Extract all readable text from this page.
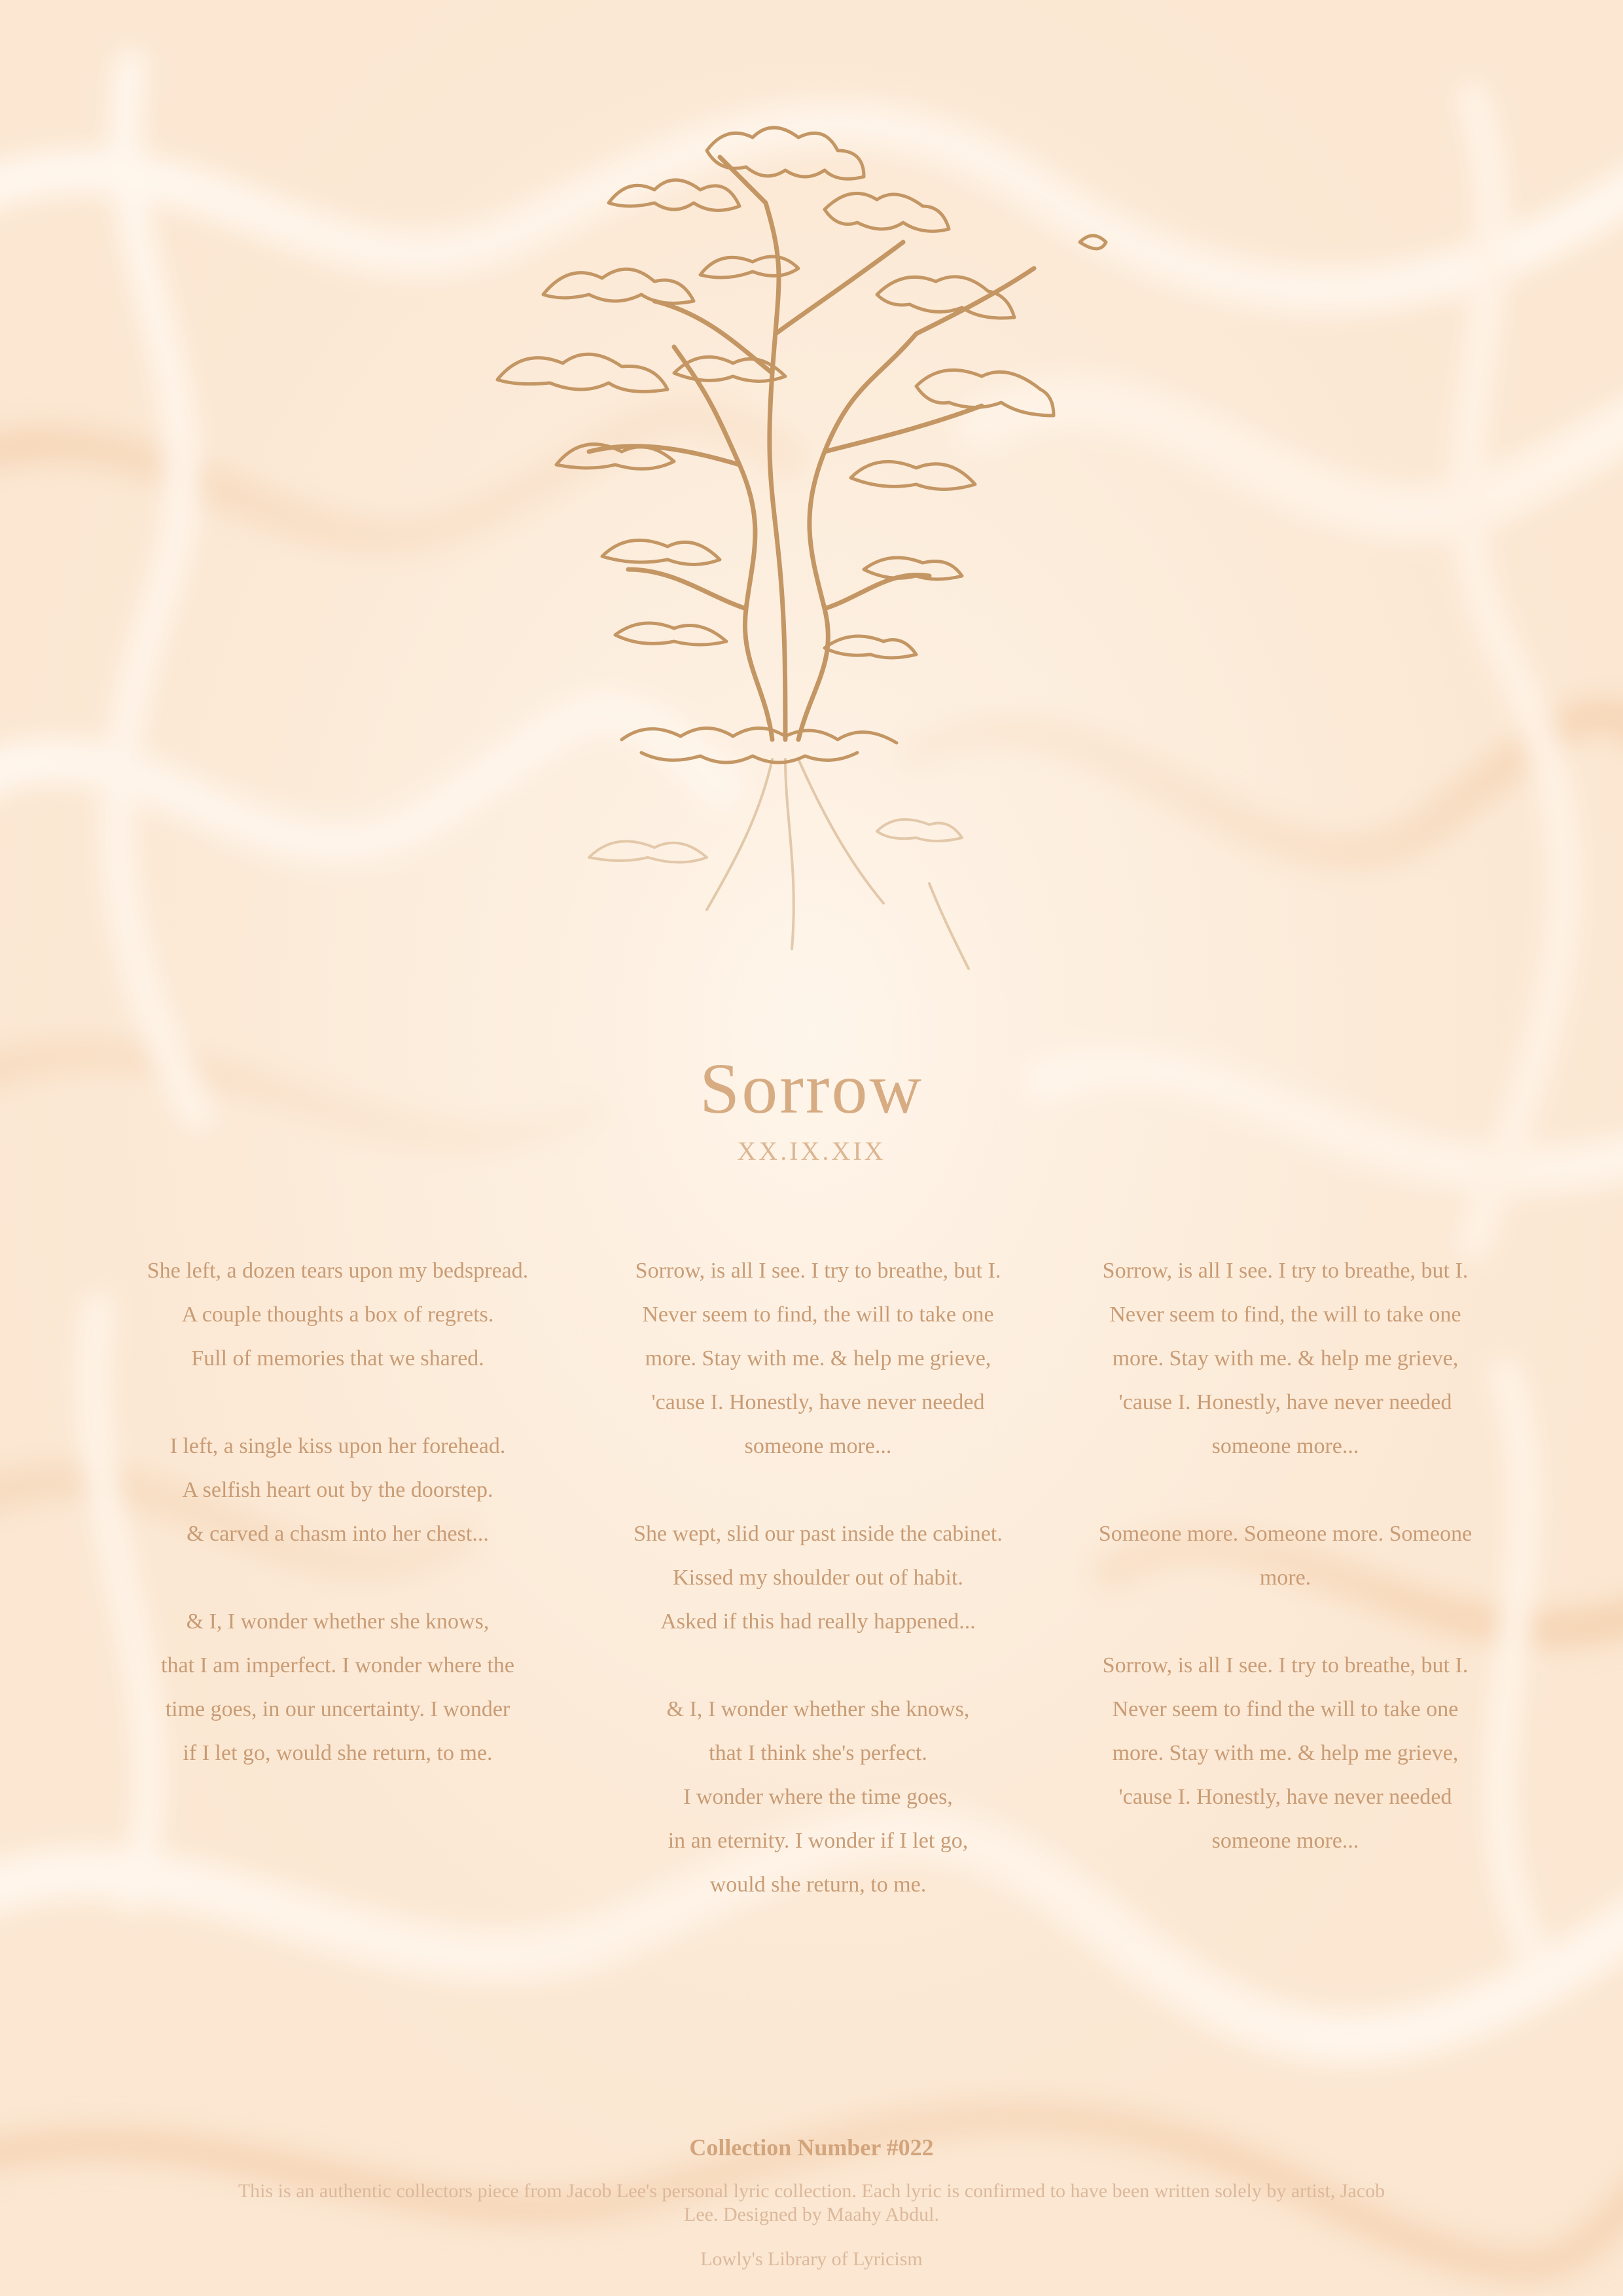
Sorrow
XX.IX.XIX
She left, a dozen tears upon my bedspread.
A couple thoughts a box of regrets.
Full of memories that we shared.
I left, a single kiss upon her forehead.
A selfish heart out by the doorstep.
& carved a chasm into her chest...
& I, I wonder whether she knows,
that I am imperfect. I wonder where the
time goes, in our uncertainty. I wonder
if I let go, would she return, to me.
Sorrow, is all I see. I try to breathe, but I.
Never seem to find, the will to take one
more. Stay with me. & help me grieve,
'cause I. Honestly, have never needed
someone more...
She wept, slid our past inside the cabinet.
Kissed my shoulder out of habit.
Asked if this had really happened...
& I, I wonder whether she knows,
that I think she's perfect.
I wonder where the time goes,
in an eternity. I wonder if I let go,
would she return, to me.
Sorrow, is all I see. I try to breathe, but I.
Never seem to find, the will to take one
more. Stay with me. & help me grieve,
'cause I. Honestly, have never needed
someone more...
Someone more. Someone more. Someone
more.
Sorrow, is all I see. I try to breathe, but I.
Never seem to find the will to take one
more. Stay with me. & help me grieve,
'cause I. Honestly, have never needed
someone more...
Collection Number #022
This is an authentic collectors piece from Jacob Lee's personal lyric collection. Each lyric is confirmed to have been written solely by artist, Jacob Lee. Designed by Maahy Abdul.
Lowly's Library of Lyricism
